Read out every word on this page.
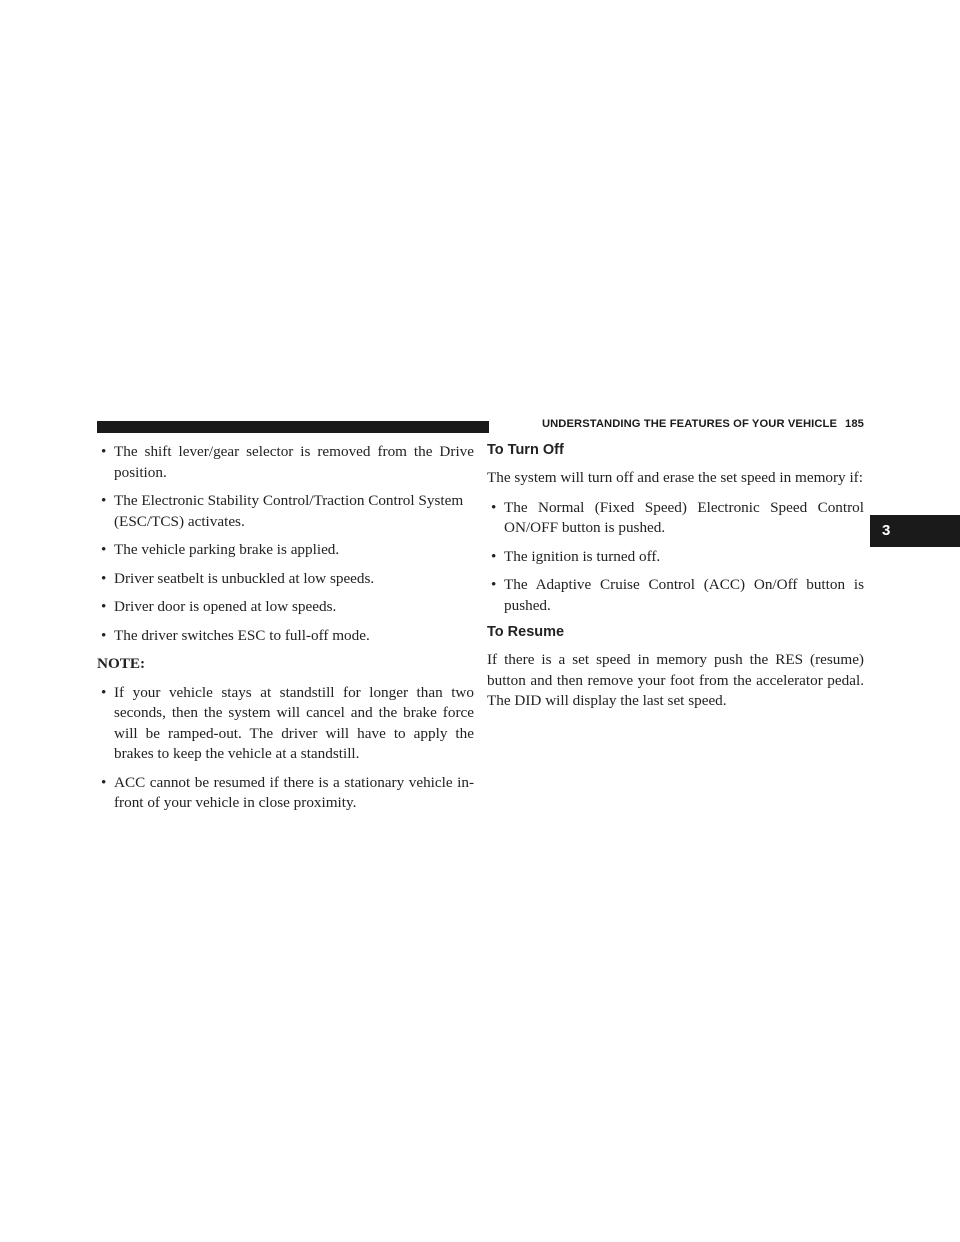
UNDERSTANDING THE FEATURES OF YOUR VEHICLE 185
3
• The shift lever/gear selector is removed from the Drive position.
• The Electronic Stability Control/Traction Control System (ESC/TCS) activates.
• The vehicle parking brake is applied.
• Driver seatbelt is unbuckled at low speeds.
• Driver door is opened at low speeds.
• The driver switches ESC to full-off mode.
NOTE:
• If your vehicle stays at standstill for longer than two seconds, then the system will cancel and the brake force will be ramped-out. The driver will have to apply the brakes to keep the vehicle at a standstill.
• ACC cannot be resumed if there is a stationary vehicle in-front of your vehicle in close proximity.
To Turn Off

The system will turn off and erase the set speed in memory if:

• The Normal (Fixed Speed) Electronic Speed Control ON/OFF button is pushed.
• The ignition is turned off.
• The Adaptive Cruise Control (ACC) On/Off button is pushed.
To Resume

If there is a set speed in memory push the RES (resume) button and then remove your foot from the accelerator pedal. The DID will display the last set speed.
